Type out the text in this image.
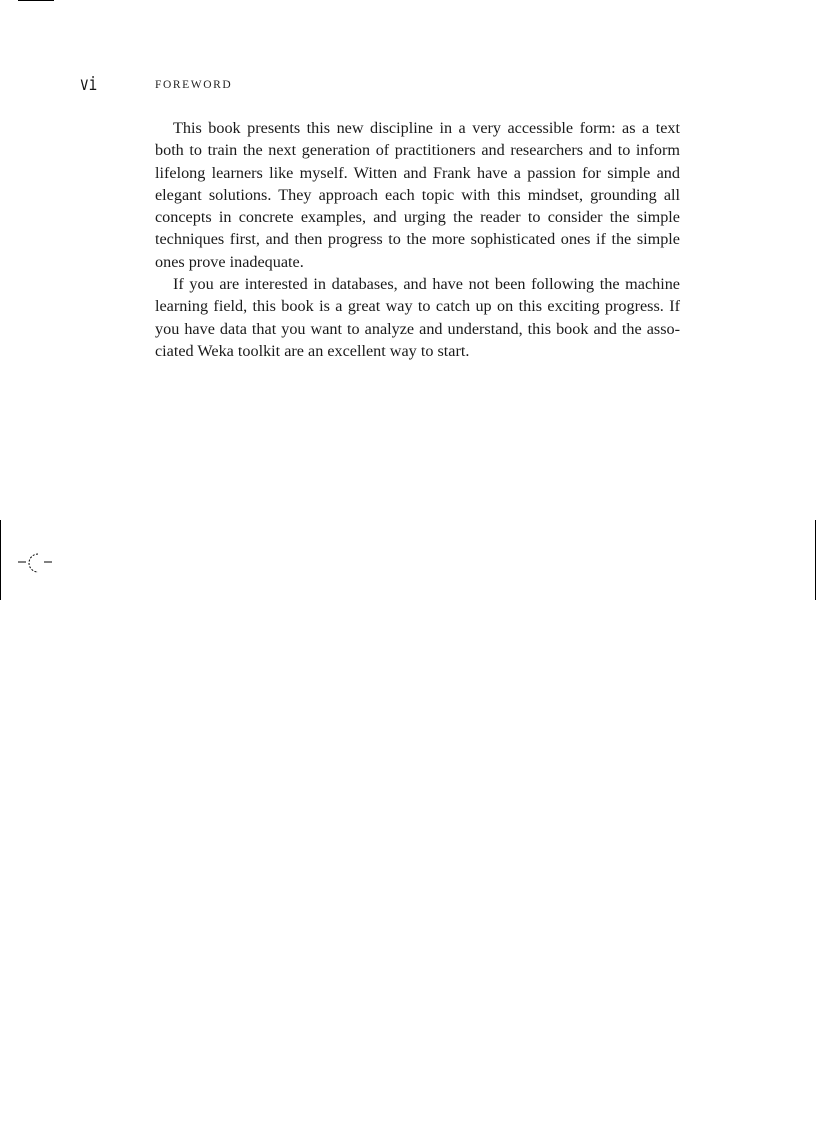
vi	FOREWORD

This book presents this new discipline in a very accessible form: as a text both to train the next generation of practitioners and researchers and to inform lifelong learners like myself. Witten and Frank have a passion for simple and elegant solutions. They approach each topic with this mindset, grounding all concepts in concrete examples, and urging the reader to consider the simple techniques first, and then progress to the more sophisticated ones if the simple ones prove inadequate.

If you are interested in databases, and have not been following the machine learning field, this book is a great way to catch up on this exciting progress. If you have data that you want to analyze and understand, this book and the associated Weka toolkit are an excellent way to start.
